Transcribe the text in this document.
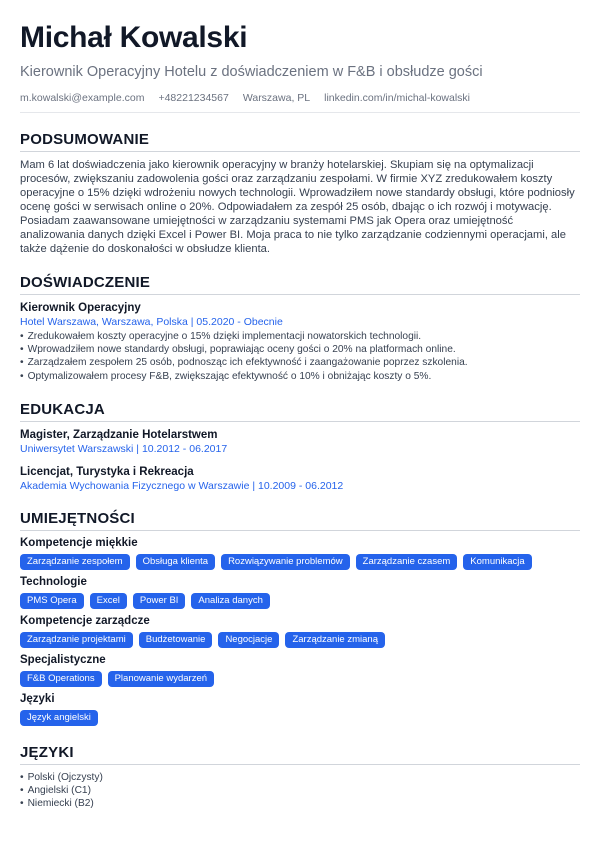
Michał Kowalski
Kierownik Operacyjny Hotelu z doświadczeniem w F&B i obsłudze gości
m.kowalski@example.com +48221234567 Warszawa, PL linkedin.com/in/michal-kowalski
PODSUMOWANIE
Mam 6 lat doświadczenia jako kierownik operacyjny w branży hotelarskiej. Skupiam się na optymalizacji procesów, zwiększaniu zadowolenia gości oraz zarządzaniu zespołami. W firmie XYZ zredukowałem koszty operacyjne o 15% dzięki wdrożeniu nowych technologii. Wprowadziłem nowe standardy obsługi, które podniosły ocenę gości w serwisach online o 20%. Odpowiadałem za zespół 25 osób, dbając o ich rozwój i motywację. Posiadam zaawansowane umiejętności w zarządzaniu systemami PMS jak Opera oraz umiejętność analizowania danych dzięki Excel i Power BI. Moja praca to nie tylko zarządzanie codziennymi operacjami, ale także dążenie do doskonałości w obsłudze klienta.
DOŚWIADCZENIE
Kierownik Operacyjny
Hotel Warszawa, Warszawa, Polska | 05.2020 - Obecnie
• Zredukowałem koszty operacyjne o 15% dzięki implementacji nowatorskich technologii.
• Wprowadziłem nowe standardy obsługi, poprawiając oceny gości o 20% na platformach online.
• Zarządzałem zespołem 25 osób, podnosząc ich efektywność i zaangażowanie poprzez szkolenia.
• Optymalizowałem procesy F&B, zwiększając efektywność o 10% i obniżając koszty o 5%.
EDUKACJA
Magister, Zarządzanie Hotelarstwem
Uniwersytet Warszawski | 10.2012 - 06.2017
Licencjat, Turystyka i Rekreacja
Akademia Wychowania Fizycznego w Warszawie | 10.2009 - 06.2012
UMIEJĘTNOŚCI
Kompetencje miękkie
Zarządzanie zespołem	Obsługa klienta	Rozwiązywanie problemów	Zarządzanie czasem	Komunikacja
Technologie
PMS Opera	Excel	Power BI	Analiza danych
Kompetencje zarządcze
Zarządzanie projektami	Budżetowanie	Negocjacje	Zarządzanie zmianą
Specjalistyczne
F&B Operations	Planowanie wydarzeń
Języki
Język angielski
JĘZYKI
• Polski (Ojczysty)
• Angielski (C1)
• Niemiecki (B2)
